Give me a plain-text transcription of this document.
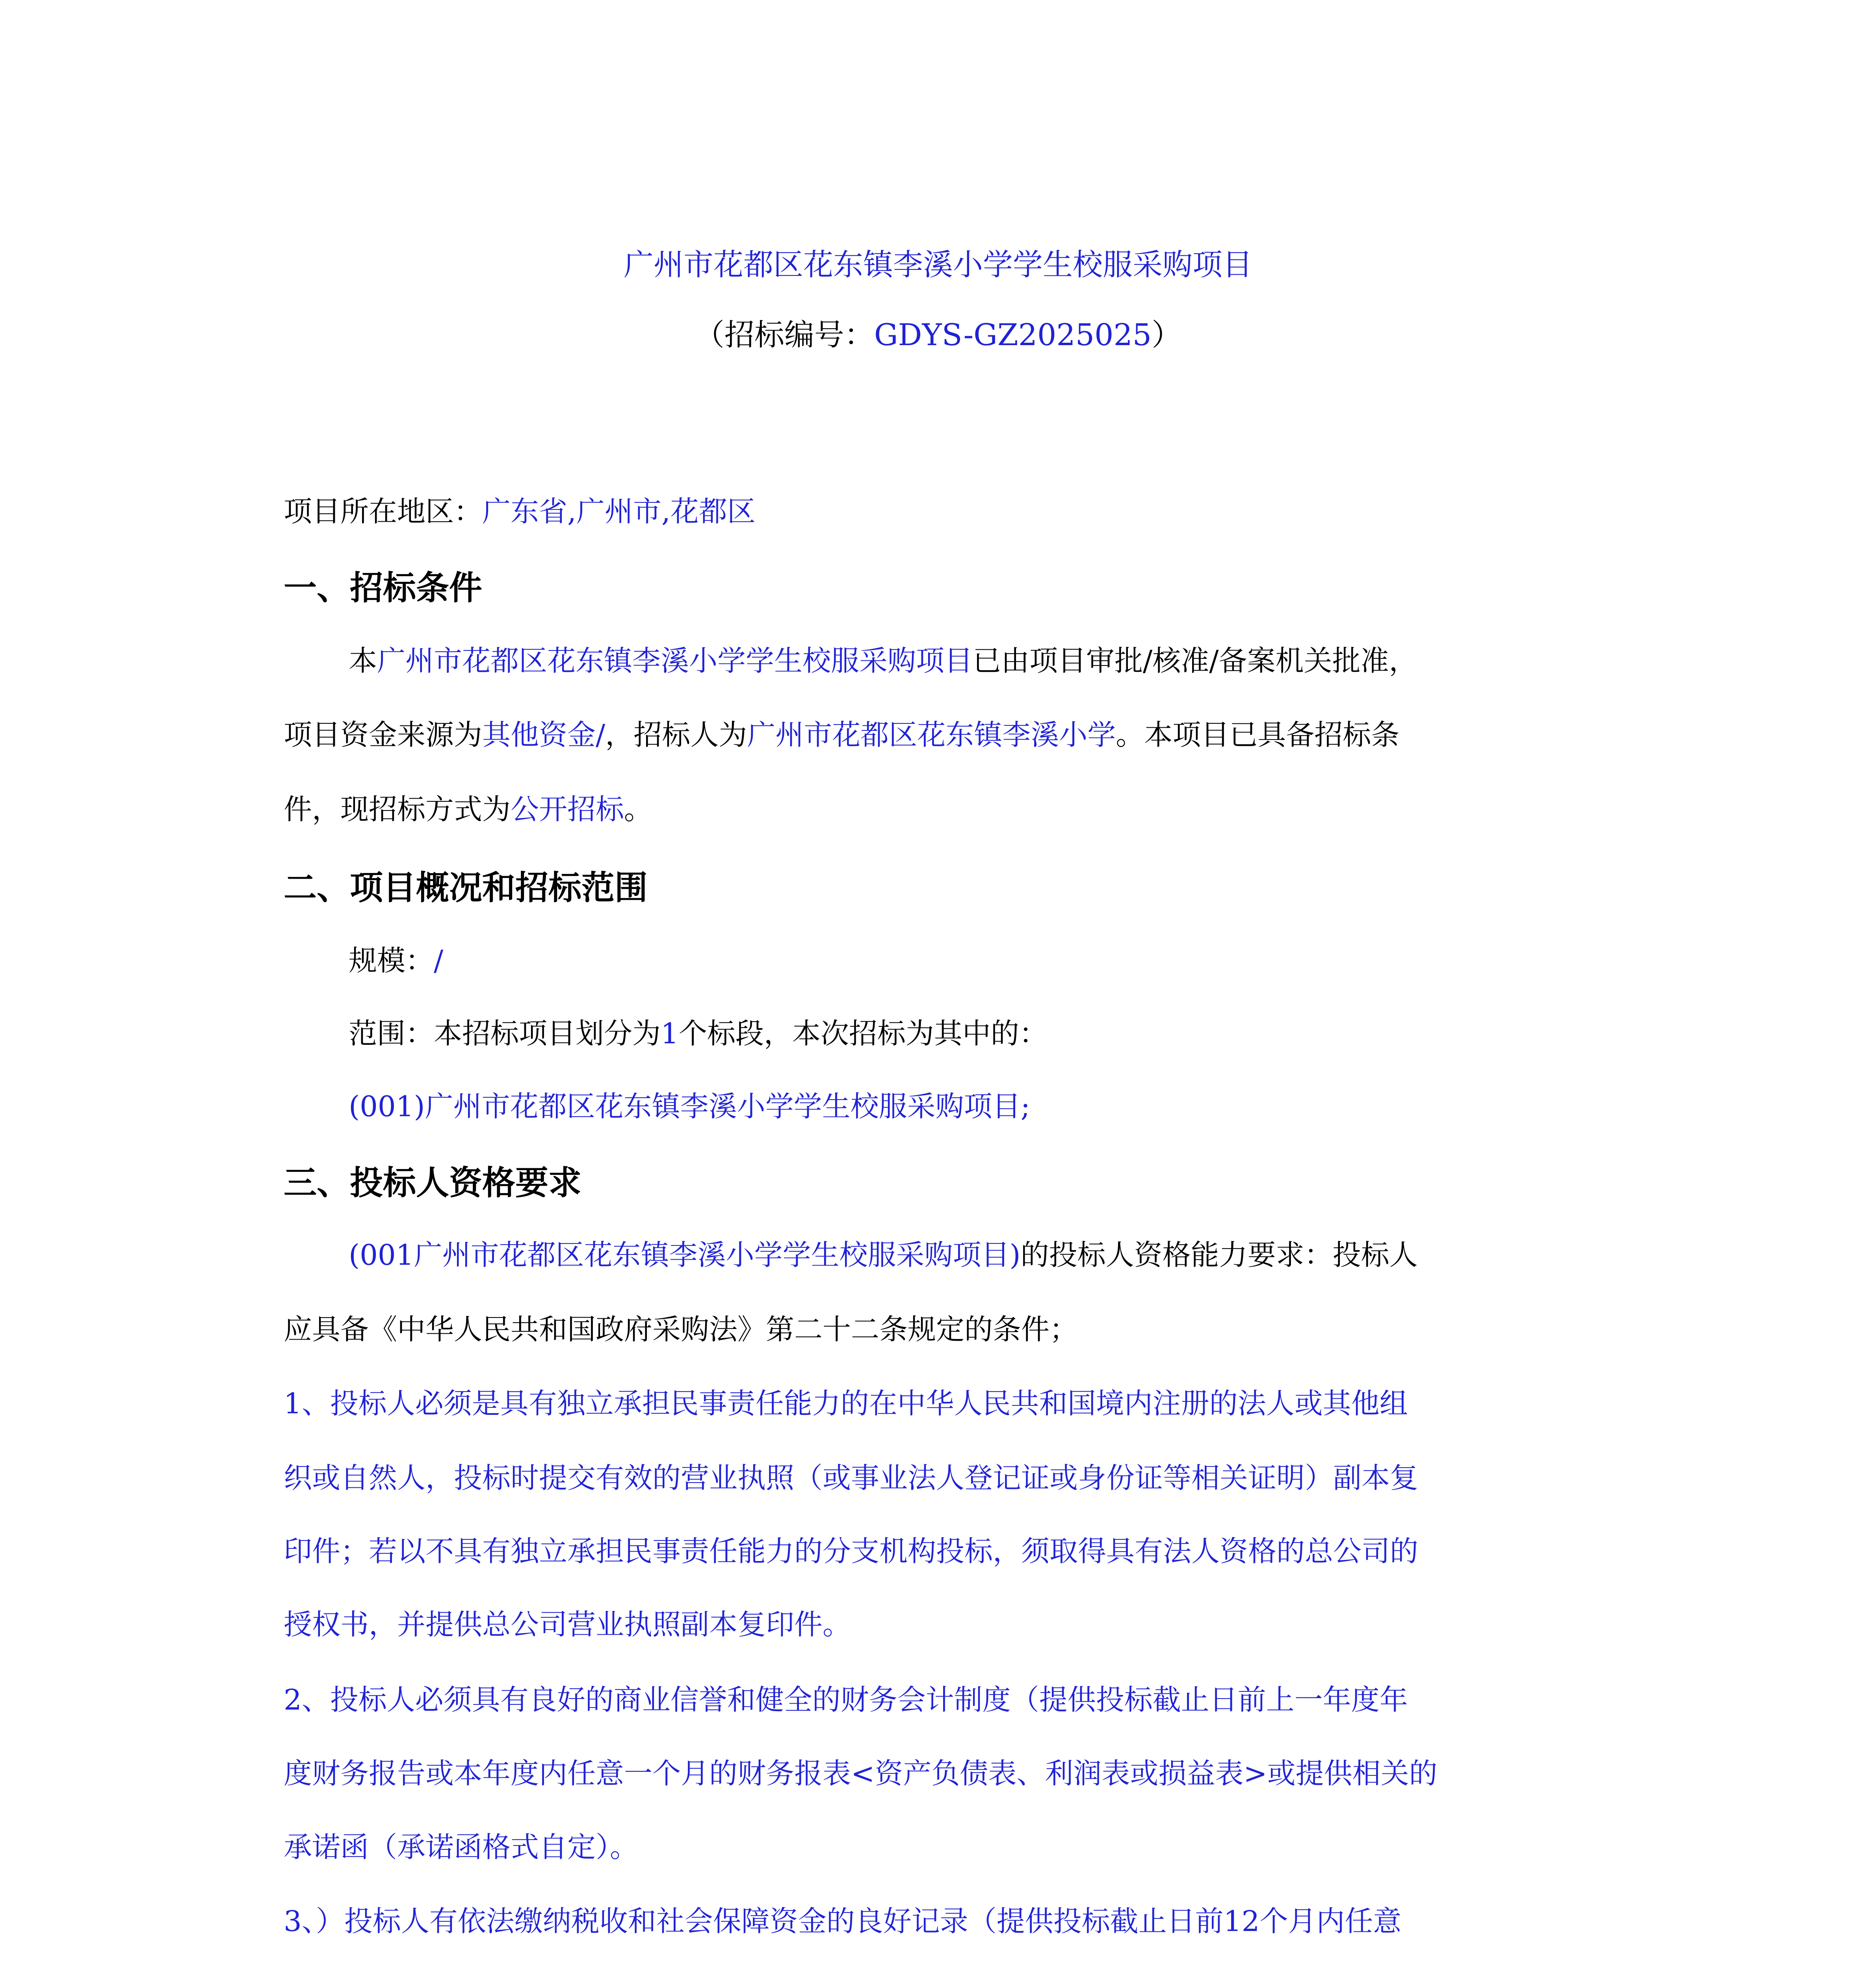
广州市花都区花东镇李溪小学学生校服采购项目
（招标编号：GDYS-GZ2025025）
项目所在地区：广东省,广州市,花都区
一、招标条件
本广州市花都区花东镇李溪小学学生校服采购项目已由项目审批/核准/备案机关批准，
项目资金来源为其他资金/，招标人为广州市花都区花东镇李溪小学。本项目已具备招标条
件，现招标方式为公开招标。
二、项目概况和招标范围
规模：/
范围：本招标项目划分为1个标段，本次招标为其中的：
(001)广州市花都区花东镇李溪小学学生校服采购项目;
三、投标人资格要求
(001广州市花都区花东镇李溪小学学生校服采购项目)的投标人资格能力要求：投标人
应具备《中华人民共和国政府采购法》第二十二条规定的条件；
1、投标人必须是具有独立承担民事责任能力的在中华人民共和国境内注册的法人或其他组
织或自然人，投标时提交有效的营业执照（或事业法人登记证或身份证等相关证明）副本复
印件；若以不具有独立承担民事责任能力的分支机构投标，须取得具有法人资格的总公司的
授权书，并提供总公司营业执照副本复印件。
2、投标人必须具有良好的商业信誉和健全的财务会计制度（提供投标截止日前上一年度年
度财务报告或本年度内任意一个月的财务报表<资产负债表、利润表或损益表>或提供相关的
承诺函（承诺函格式自定）。
3、）投标人有依法缴纳税收和社会保障资金的良好记录（提供投标截止日前12个月内任意
